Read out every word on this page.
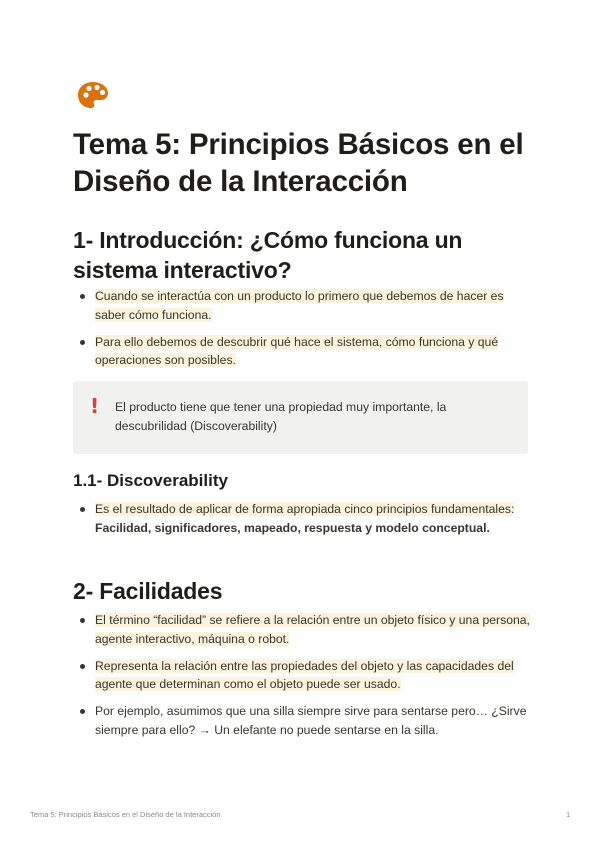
Tema 5: Principios Básicos en el Diseño de la Interacción
1- Introducción: ¿Cómo funciona un sistema interactivo?
Cuando se interactúa con un producto lo primero que debemos de hacer es saber cómo funciona.
Para ello debemos de descubrir qué hace el sistema, cómo funciona y qué operaciones son posibles.
! El producto tiene que tener una propiedad muy importante, la descubrilidad (Discoverability)
1.1- Discoverability
Es el resultado de aplicar de forma apropiada cinco principios fundamentales: Facilidad, significadores, mapeado, respuesta y modelo conceptual.
2- Facilidades
El término “facilidad” se refiere a la relación entre un objeto físico y una persona, agente interactivo, máquina o robot.
Representa la relación entre las propiedades del objeto y las capacidades del agente que determinan como el objeto puede ser usado.
Por ejemplo, asumimos que una silla siempre sirve para sentarse pero… ¿Sirve siempre para ello? → Un elefante no puede sentarse en la silla.
Tema 5: Principios Básicos en el Diseño de la Interacción	1
